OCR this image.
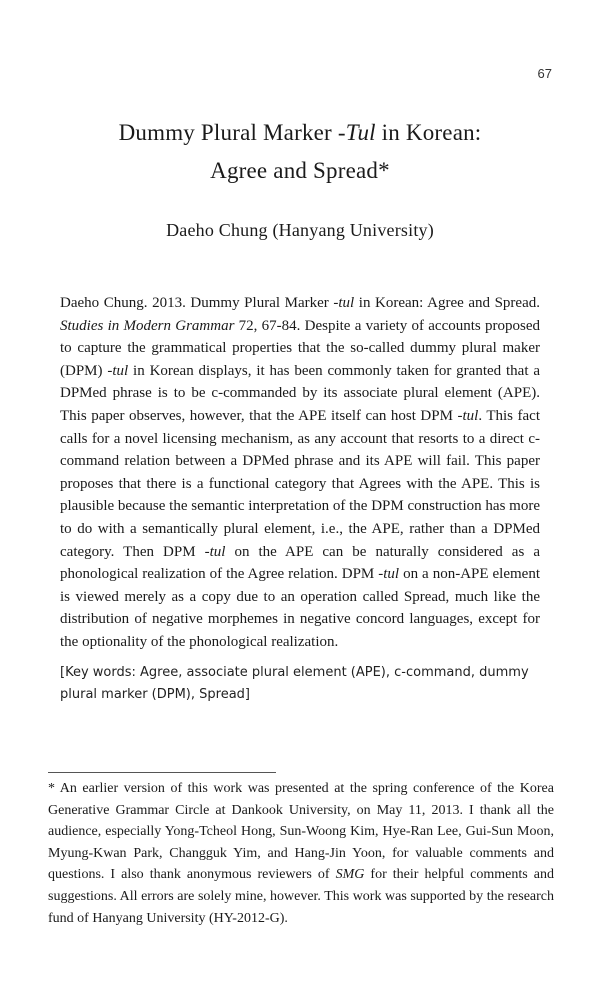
67
Dummy Plural Marker -Tul in Korean:
Agree and Spread*
Daeho Chung (Hanyang University)

Daeho Chung. 2013. Dummy Plural Marker -tul in Korean: Agree and Spread. Studies in Modern Grammar 72, 67-84. Despite a variety of accounts proposed to capture the grammatical properties that the so-called dummy plural maker (DPM) -tul in Korean displays, it has been commonly taken for granted that a DPMed phrase is to be c-commanded by its associate plural element (APE). This paper observes, however, that the APE itself can host DPM -tul. This fact calls for a novel licensing mechanism, as any account that resorts to a direct c-command relation between a DPMed phrase and its APE will fail. This paper proposes that there is a functional category that Agrees with the APE. This is plausible because the semantic interpretation of the DPM construction has more to do with a semantically plural element, i.e., the APE, rather than a DPMed category. Then DPM -tul on the APE can be naturally considered as a phonological realization of the Agree relation. DPM -tul on a non-APE element is viewed merely as a copy due to an operation called Spread, much like the distribution of negative morphemes in negative concord languages, except for the optionality of the phonological realization.

[Key words: Agree, associate plural element (APE), c-command, dummy plural marker (DPM), Spread]

* An earlier version of this work was presented at the spring conference of the Korea Generative Grammar Circle at Dankook University, on May 11, 2013. I thank all the audience, especially Yong-Tcheol Hong, Sun-Woong Kim, Hye-Ran Lee, Gui-Sun Moon, Myung-Kwan Park, Changguk Yim, and Hang-Jin Yoon, for valuable comments and questions. I also thank anonymous reviewers of SMG for their helpful comments and suggestions. All errors are solely mine, however. This work was supported by the research fund of Hanyang University (HY-2012-G).
